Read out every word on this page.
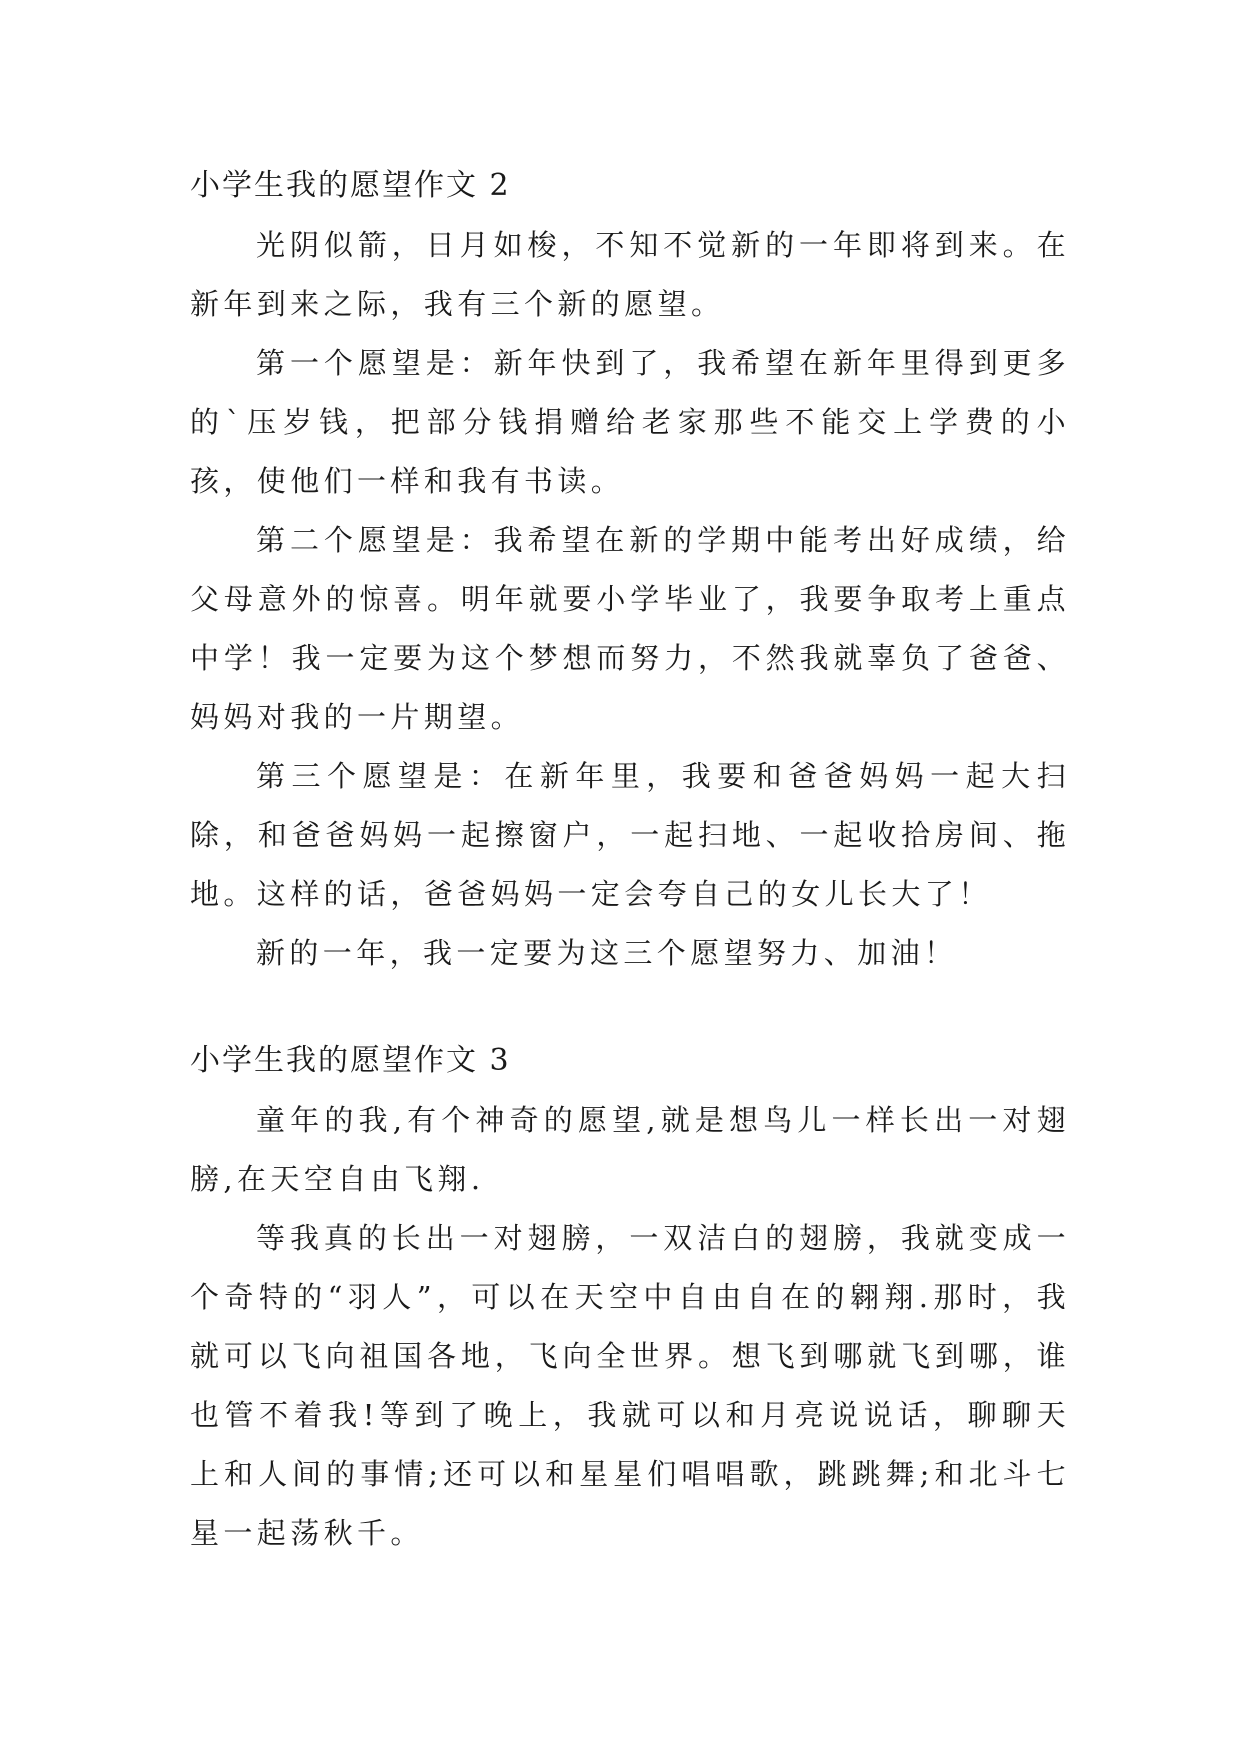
小学生我的愿望作文 2

光阴似箭，日月如梭，不知不觉新的一年即将到来。在新年到来之际，我有三个新的愿望。

第一个愿望是：新年快到了，我希望在新年里得到更多的`压岁钱，把部分钱捐赠给老家那些不能交上学费的小孩，使他们一样和我有书读。

第二个愿望是：我希望在新的学期中能考出好成绩，给父母意外的惊喜。明年就要小学毕业了，我要争取考上重点中学！我一定要为这个梦想而努力，不然我就辜负了爸爸、妈妈对我的一片期望。

第三个愿望是：在新年里，我要和爸爸妈妈一起大扫除，和爸爸妈妈一起擦窗户，一起扫地、一起收拾房间、拖地。这样的话，爸爸妈妈一定会夸自己的女儿长大了！

新的一年，我一定要为这三个愿望努力、加油！

小学生我的愿望作文 3

童年的我,有个神奇的愿望,就是想鸟儿一样长出一对翅膀,在天空自由飞翔.

等我真的长出一对翅膀，一双洁白的翅膀，我就变成一个奇特的“羽人”，可以在天空中自由自在的翱翔.那时，我就可以飞向祖国各地，飞向全世界。想飞到哪就飞到哪，谁也管不着我!等到了晚上，我就可以和月亮说说话，聊聊天上和人间的事情;还可以和星星们唱唱歌，跳跳舞;和北斗七星一起荡秋千。
